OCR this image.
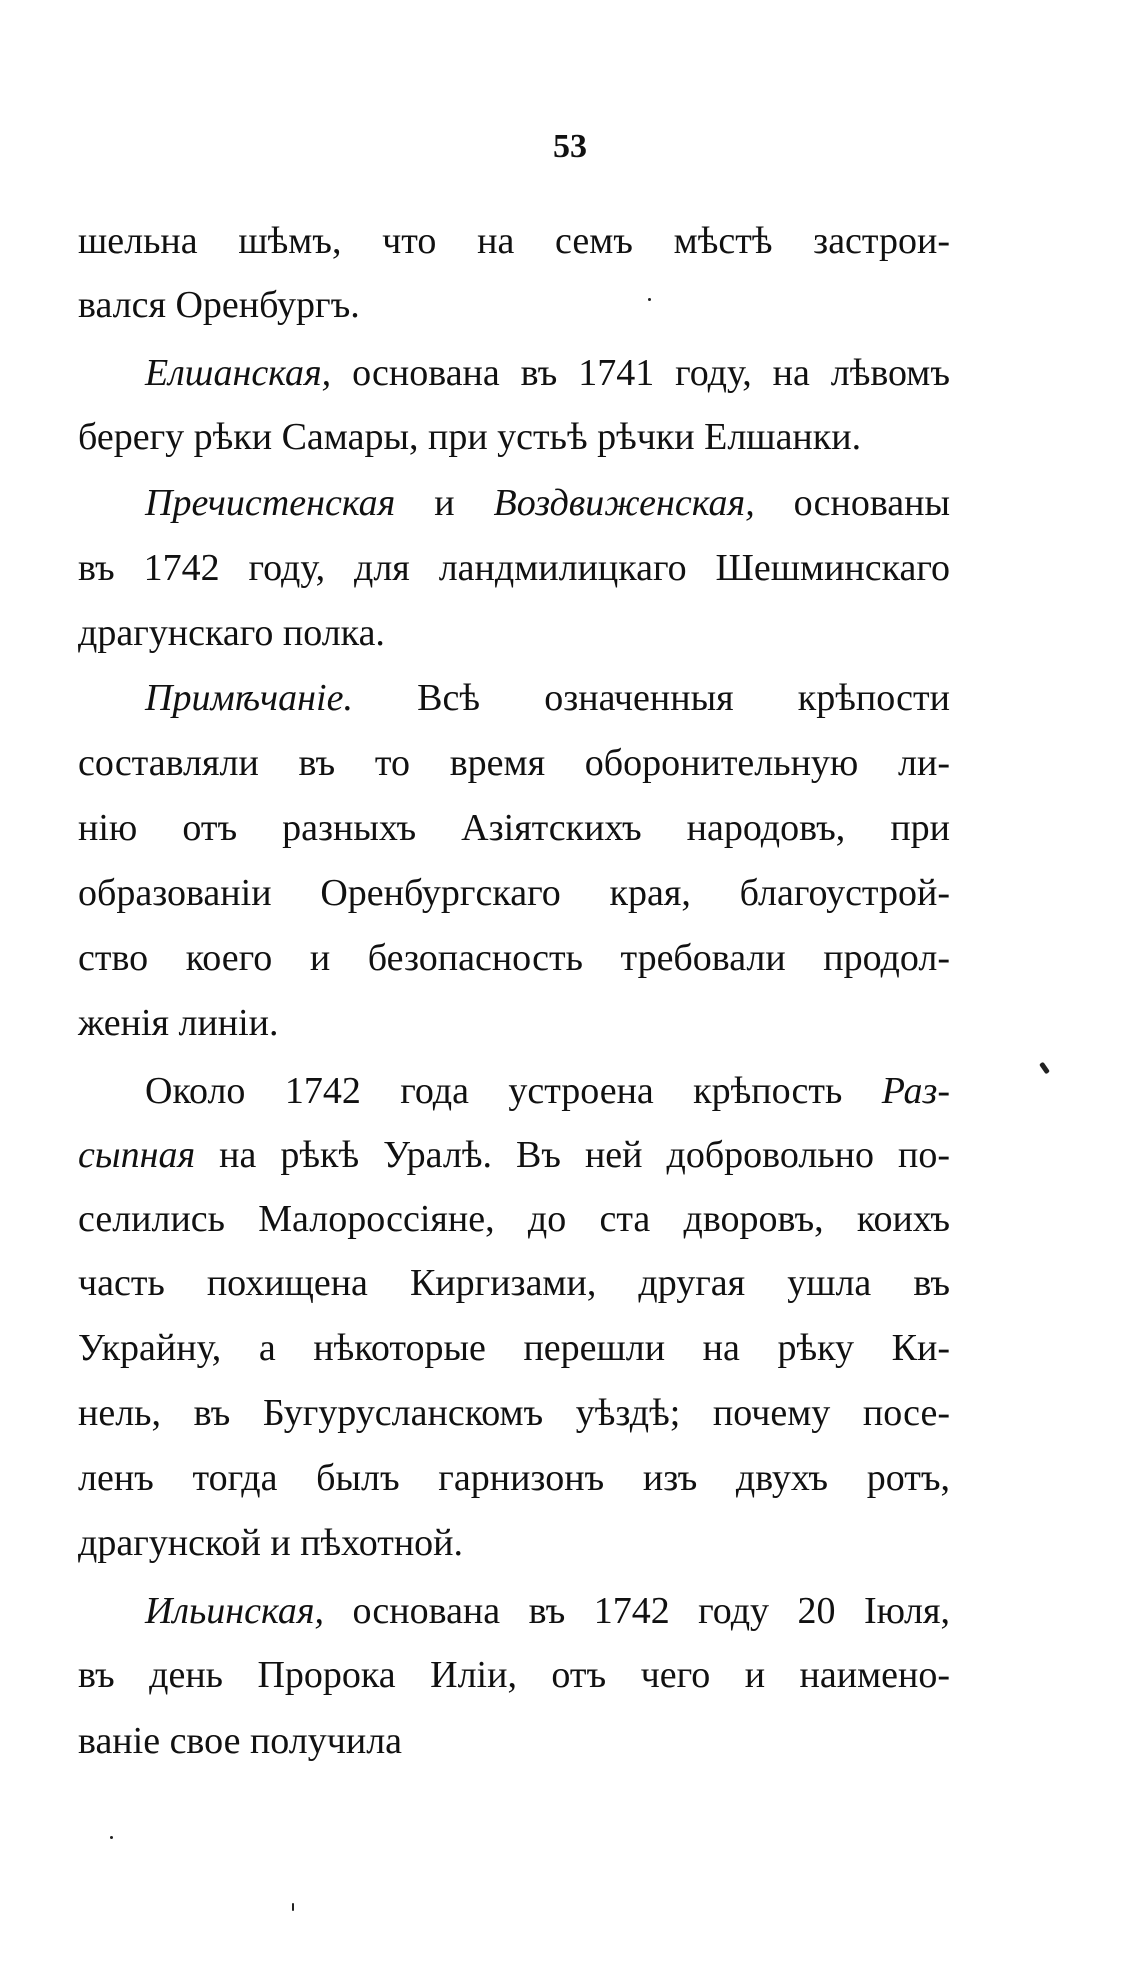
53
шельна шѣмъ, что на семъ мѣстѣ застрои-
вался Оренбургъ.
Елшанская, основана въ 1741 году, на лѣвомъ
берегу рѣки Самары, при устьѣ рѣчки Елшанки.
Пречистенская и Воздвиженская, основаны
въ 1742 году, для ландмилицкаго Шешминскаго
драгунскаго полка.
Примѣчаніе. Всѣ означенныя крѣпости
составляли въ то время оборонительную ли-
нію отъ разныхъ Азіятскихъ народовъ, при
образованіи Оренбургскаго края, благоустрой-
ство коего и безопасность требовали продол-
женія линіи.
Около 1742 года устроена крѣпость Раз-
сыпная на рѣкѣ Уралѣ. Въ ней добровольно по-
селились Малороссіяне, до ста дворовъ, коихъ
часть похищена Киргизами, другая ушла въ
Украйну, а нѣкоторые перешли на рѣку Ки-
нель, въ Бугурусланскомъ уѣздѣ; почему посе-
ленъ тогда былъ гарнизонъ изъ двухъ ротъ,
драгунской и пѣхотной.
Ильинская, основана въ 1742 году 20 Іюля,
въ день Пророка Иліи, отъ чего и наимено-
ваніе свое получила
